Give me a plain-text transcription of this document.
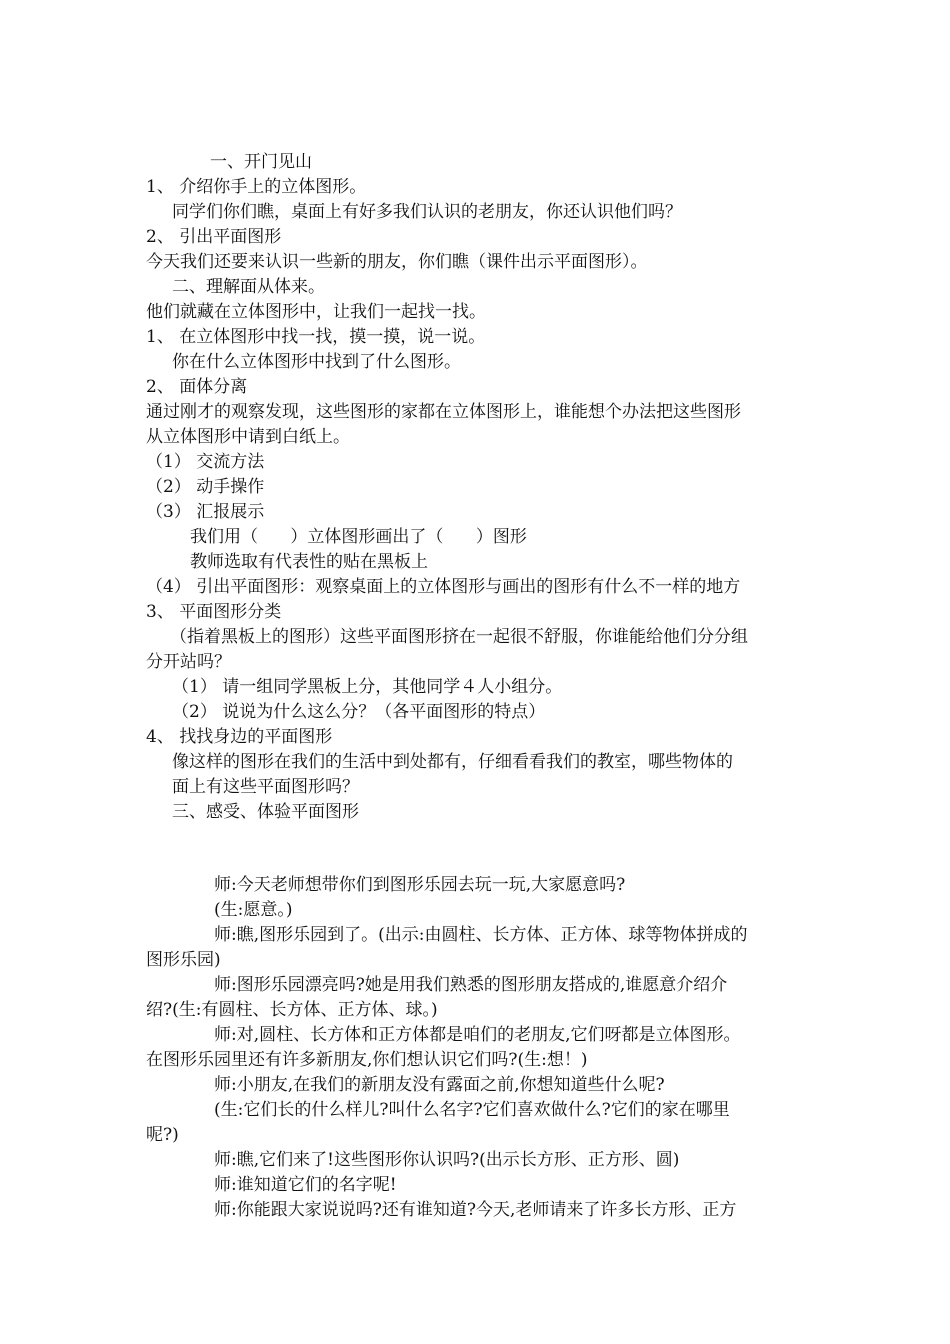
一、开门见山
1、 介绍你手上的立体图形。
同学们你们瞧，桌面上有好多我们认识的老朋友，你还认识他们吗？
2、 引出平面图形
今天我们还要来认识一些新的朋友，你们瞧（课件出示平面图形）。
二、理解面从体来。
他们就藏在立体图形中，让我们一起找一找。
1、 在立体图形中找一找，摸一摸，说一说。
你在什么立体图形中找到了什么图形。
2、 面体分离
通过刚才的观察发现，这些图形的家都在立体图形上，谁能想个办法把这些图形
从立体图形中请到白纸上。
（1） 交流方法
（2） 动手操作
（3） 汇报展示
我们用（      ）立体图形画出了（      ）图形
教师选取有代表性的贴在黑板上
（4） 引出平面图形：观察桌面上的立体图形与画出的图形有什么不一样的地方
3、 平面图形分类
（指着黑板上的图形）这些平面图形挤在一起很不舒服，你谁能给他们分分组
分开站吗？
（1） 请一组同学黑板上分，其他同学４人小组分。
（2） 说说为什么这么分？（各平面图形的特点）
4、 找找身边的平面图形
像这样的图形在我们的生活中到处都有，仔细看看我们的教室，哪些物体的
面上有这些平面图形吗？
三、感受、体验平面图形
师:今天老师想带你们到图形乐园去玩一玩,大家愿意吗?
(生:愿意。)
师:瞧,图形乐园到了。(出示:由圆柱、长方体、正方体、球等物体拼成的
图形乐园)
师:图形乐园漂亮吗?她是用我们熟悉的图形朋友搭成的,谁愿意介绍介
绍?(生:有圆柱、长方体、正方体、球。)
师:对,圆柱、长方体和正方体都是咱们的老朋友,它们呀都是立体图形。
在图形乐园里还有许多新朋友,你们想认识它们吗?(生:想！)
师:小朋友,在我们的新朋友没有露面之前,你想知道些什么呢?
(生:它们长的什么样儿?叫什么名字?它们喜欢做什么?它们的家在哪里
呢?)
师:瞧,它们来了!这些图形你认识吗?(出示长方形、正方形、圆)
师:谁知道它们的名字呢!
师:你能跟大家说说吗?还有谁知道?今天,老师请来了许多长方形、正方
